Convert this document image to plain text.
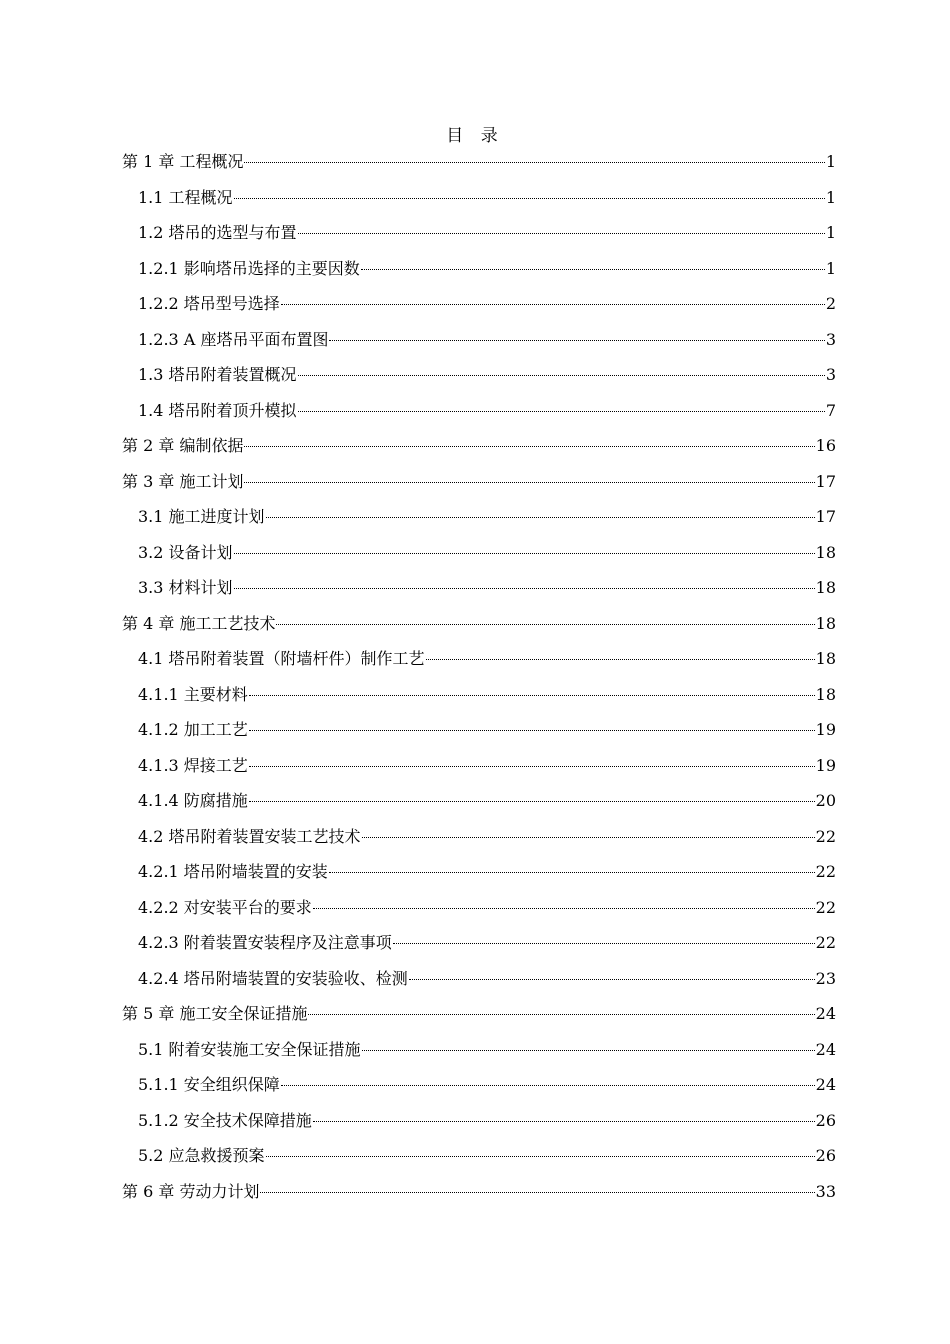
目 录
第 1 章 工程概况	1
1.1 工程概况	1
1.2 塔吊的选型与布置	1
1.2.1 影响塔吊选择的主要因数	1
1.2.2 塔吊型号选择	2
1.2.3 A 座塔吊平面布置图	3
1.3 塔吊附着装置概况	3
1.4 塔吊附着顶升模拟	7
第 2 章 编制依据	16
第 3 章 施工计划	17
3.1 施工进度计划	17
3.2 设备计划	18
3.3 材料计划	18
第 4 章 施工工艺技术	18
4.1 塔吊附着装置（附墙杆件）制作工艺	18
4.1.1 主要材料	18
4.1.2 加工工艺	19
4.1.3 焊接工艺	19
4.1.4 防腐措施	20
4.2 塔吊附着装置安装工艺技术	22
4.2.1 塔吊附墙装置的安装	22
4.2.2 对安装平台的要求	22
4.2.3 附着装置安装程序及注意事项	22
4.2.4 塔吊附墙装置的安装验收、检测	23
第 5 章 施工安全保证措施	24
5.1 附着安装施工安全保证措施	24
5.1.1 安全组织保障	24
5.1.2 安全技术保障措施	26
5.2 应急救援预案	26
第 6 章 劳动力计划	33
